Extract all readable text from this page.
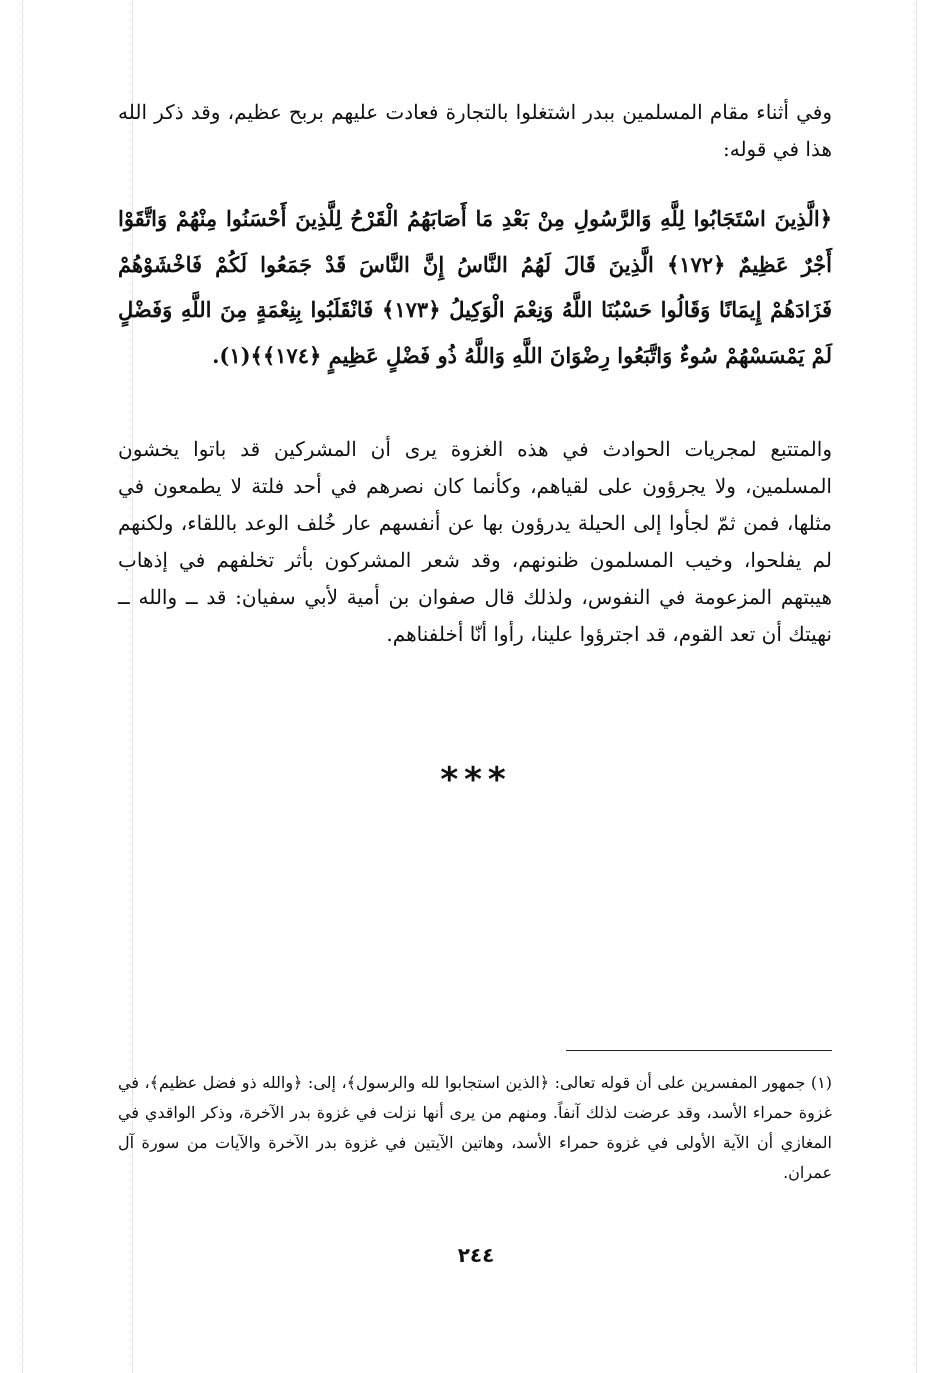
وفي أثناء مقام المسلمين ببدر اشتغلوا بالتجارة فعادت عليهم بربح عظيم، وقد ذكر الله هذا في قوله:

﴿الَّذِينَ اسْتَجَابُوا لِلَّهِ وَالرَّسُولِ مِنْ بَعْدِ مَا أَصَابَهُمُ الْقَرْحُ لِلَّذِينَ أَحْسَنُوا مِنْهُمْ وَاتَّقَوْا أَجْرٌ عَظِيمٌ ﴿١٧٢﴾ الَّذِينَ قَالَ لَهُمُ النَّاسُ إِنَّ النَّاسَ قَدْ جَمَعُوا لَكُمْ فَاخْشَوْهُمْ فَزَادَهُمْ إِيمَانًا وَقَالُوا حَسْبُنَا اللَّهُ وَنِعْمَ الْوَكِيلُ ﴿١٧٣﴾ فَانْقَلَبُوا بِنِعْمَةٍ مِنَ اللَّهِ وَفَضْلٍ لَمْ يَمْسَسْهُمْ سُوءٌ وَاتَّبَعُوا رِضْوَانَ اللَّهِ وَاللَّهُ ذُو فَضْلٍ عَظِيمٍ ﴿١٧٤﴾﴾(١).

والمتتبع لمجريات الحوادث في هذه الغزوة يرى أن المشركين قد باتوا يخشون المسلمين، ولا يجرؤون على لقياهم، وكأنما كان نصرهم في أحد فلتة لا يطمعون في مثلها، فمن ثمّ لجأوا إلى الحيلة يدرؤون بها عن أنفسهم عار خُلف الوعد باللقاء، ولكنهم لم يفلحوا، وخيب المسلمون ظنونهم، وقد شعر المشركون بأثر تخلفهم في إذهاب هيبتهم المزعومة في النفوس، ولذلك قال صفوان بن أمية لأبي سفيان: قد ــ والله ــ نهيتك أن تعد القوم، قد اجترؤوا علينا، رأوا أنّا أخلفناهم.

***

(١) جمهور المفسرين على أن قوله تعالى: ﴿الذين استجابوا لله والرسول﴾، إلى: ﴿والله ذو فضل عظيم﴾، في غزوة حمراء الأسد، وقد عرضت لذلك آنفاً. ومنهم من يرى أنها نزلت في غزوة بدر الآخرة، وذكر الواقدي في المغازي أن الآية الأولى في غزوة حمراء الأسد، وهاتين الآيتين في غزوة بدر الآخرة والآيات من سورة آل عمران.

٢٤٤
